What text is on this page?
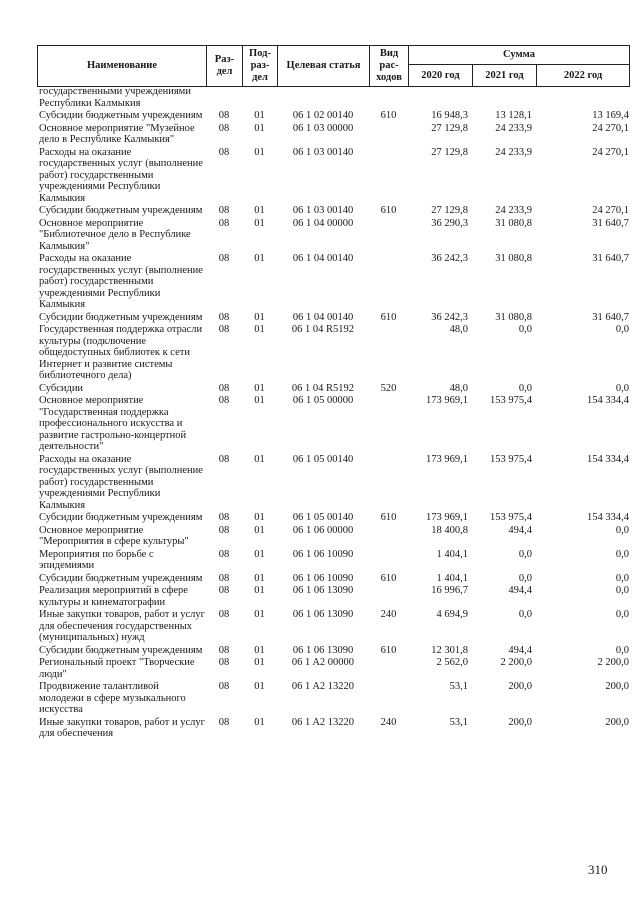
Наименование	Раз-дел	Под-раз-дел	Целевая статья	Вид рас-ходов	Сумма		
					2020 год	2021 год	2022 год
государственными учреждениями Республики Калмыкия							
Субсидии бюджетным учреждениям	08	01	06 1 02 00140	610	16 948,3	13 128,1	13 169,4
Основное мероприятие "Музейное дело в Республике Калмыкия"	08	01	06 1 03 00000		27 129,8	24 233,9	24 270,1
Расходы на оказание государственных услуг (выполнение работ) государственными учреждениями Республики Калмыкия	08	01	06 1 03 00140		27 129,8	24 233,9	24 270,1
Субсидии бюджетным учреждениям	08	01	06 1 03 00140	610	27 129,8	24 233,9	24 270,1
Основное мероприятие "Библиотечное дело в Республике Калмыкия"	08	01	06 1 04 00000		36 290,3	31 080,8	31 640,7
Расходы на оказание государственных услуг (выполнение работ) государственными учреждениями Республики Калмыкия	08	01	06 1 04 00140		36 242,3	31 080,8	31 640,7
Субсидии бюджетным учреждениям	08	01	06 1 04 00140	610	36 242,3	31 080,8	31 640,7
Государственная поддержка отрасли культуры (подключение общедоступных библиотек к сети Интернет и развитие системы библиотечного дела)	08	01	06 1 04 R5192		48,0	0,0	0,0
Субсидии	08	01	06 1 04 R5192	520	48,0	0,0	0,0
Основное мероприятие "Государственная поддержка профессионального искусства и развитие гастрольно-концертной деятельности"	08	01	06 1 05 00000		173 969,1	153 975,4	154 334,4
Расходы на оказание государственных услуг (выполнение работ) государственными учреждениями Республики Калмыкия	08	01	06 1 05 00140		173 969,1	153 975,4	154 334,4
Субсидии бюджетным учреждениям	08	01	06 1 05 00140	610	173 969,1	153 975,4	154 334,4
Основное мероприятие "Мероприятия в сфере культуры"	08	01	06 1 06 00000		18 400,8	494,4	0,0
Мероприятия по борьбе с эпидемиями	08	01	06 1 06 10090		1 404,1	0,0	0,0
Субсидии бюджетным учреждениям	08	01	06 1 06 10090	610	1 404,1	0,0	0,0
Реализация мероприятий в сфере культуры и кинематографии	08	01	06 1 06 13090		16 996,7	494,4	0,0
Иные закупки товаров, работ и услуг для обеспечения государственных (муниципальных) нужд	08	01	06 1 06 13090	240	4 694,9	0,0	0,0
Субсидии бюджетным учреждениям	08	01	06 1 06 13090	610	12 301,8	494,4	0,0
Региональный проект "Творческие люди"	08	01	06 1 A2 00000		2 562,0	2 200,0	2 200,0
Продвижение талантливой молодежи в сфере музыкального искусства	08	01	06 1 A2 13220		53,1	200,0	200,0
Иные закупки товаров, работ и услуг для обеспечения	08	01	06 1 A2 13220	240	53,1	200,0	200,0
310
